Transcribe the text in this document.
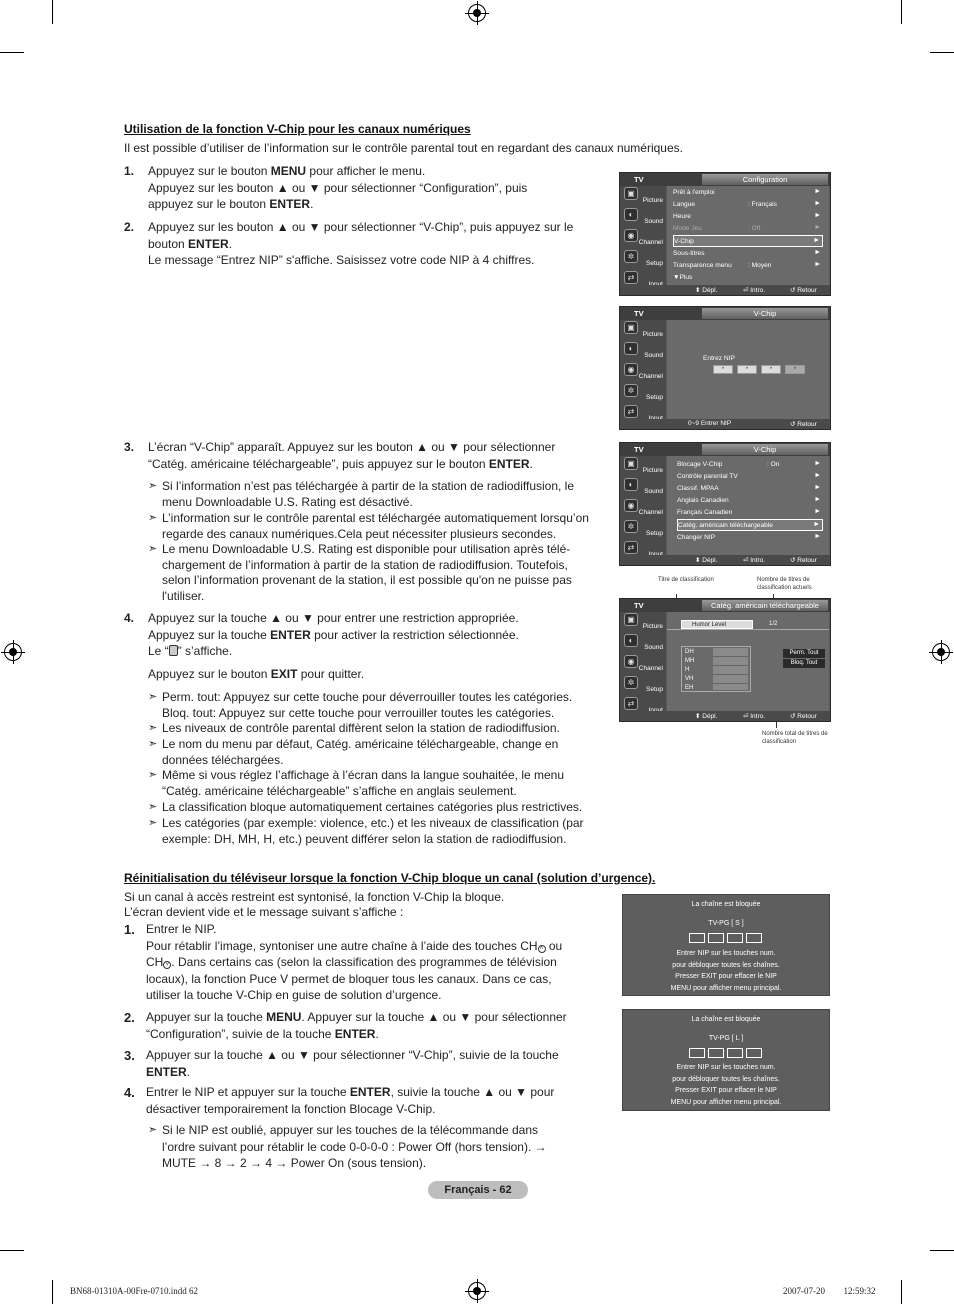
Utilisation de la fonction V-Chip pour les canaux numériques
Il est possible d’utiliser de l’information sur le contrôle parental tout en regardant des canaux numériques.
1. Appuyez sur le bouton MENU pour afficher le menu.
Appuyez sur les bouton ▲ ou ▼ pour sélectionner “Configuration”, puis
appuyez sur le bouton ENTER.
2. Appuyez sur les bouton ▲ ou ▼ pour sélectionner “V-Chip”, puis appuyez sur le
bouton ENTER.
Le message “Entrez NIP” s'affiche. Saisissez votre code NIP à 4 chiffres.
3. L’écran “V-Chip” apparaît. Appuyez sur les bouton ▲ ou ▼ pour sélectionner
“Catég. américaine téléchargeable”, puis appuyez sur le bouton ENTER.
➣ Si l’information n’est pas téléchargée à partir de la station de radiodiffusion, le menu Downloadable U.S. Rating est désactivé.
➣ L’information sur le contrôle parental est téléchargée automatiquement lorsqu’on regarde des canaux numériques.Cela peut nécessiter plusieurs secondes.
➣ Le menu Downloadable U.S. Rating est disponible pour utilisation après télé-chargement de l’information à partir de la station de radiodiffusion. Toutefois, selon l’information provenant de la station, il est possible qu'on ne puisse pas l'utiliser.
4. Appuyez sur la touche ▲ ou ▼ pour entrer une restriction appropriée.
Appuyez sur la touche ENTER pour activer la restriction sélectionnée.
Le “ ” s’affiche.
Appuyez sur le bouton EXIT pour quitter.
➣ Perm. tout: Appuyez sur cette touche pour déverrouiller toutes les catégories. Bloq. tout: Appuyez sur cette touche pour verrouiller toutes les catégories.
➣ Les niveaux de contrôle parental diffèrent selon la station de radiodiffusion.
➣ Le nom du menu par défaut, Catég. américaine téléchargeable, change en données téléchargées.
➣ Même si vous réglez l’affichage à l’écran dans la langue souhaitée, le menu “Catég. américaine téléchargeable” s’affiche en anglais seulement.
➣ La classification bloque automatiquement certaines catégories plus restrictives.
➣ Les catégories (par exemple: violence, etc.) et les niveaux de classification (par exemple: DH, MH, H, etc.) peuvent différer selon la station de radiodiffusion.
TV	Configuration
▣
Picture
◐
Sound
◉
Channel
✲
Setup
⇄
Prêt à l'emploi	►
Langue	: Français	►
Heure	►
Mode Jeu	: Off	►
V-Chip	►
Sous-titres	►
Transparence menu : Moyen	►
▼Plus
⬍ Dépl.	⏎ Intro.	↺ Retour
TV	V-Chip
▣
Picture
◐
Sound
◉
Channel
✲
Setup
⇄
Entrez NIP
*	*	*	*
0~9 Entrer NIP	↺ Retour
TV	V-Chip
▣
Picture
◐
Sound
◉
Channel
✲
Setup
⇄
Blocage V-Chip	: On	►
Contrôle parental TV	►
Classif. MPAA	►
Anglais Canadien	►
Français Canadien	►
Catég. américain téléchargeable	►
Changer NIP	►
⬍ Dépl.	⏎ Intro.	↺ Retour
Titre de classification	Nombre de titres de classification actuels
TV	Catég. américain téléchargeable
▣
Picture
◐
Sound
◉
Channel
✲
Setup
⇄
Humor Level	1/2
DH
MH
H
VH
EH
Perm. Tout
Bloq. Tout
⬍ Dépl.	⏎ Intro.	↺ Retour
Nombre total de titres de classification
Réinitialisation du téléviseur lorsque la fonction V-Chip bloque un canal (solution d’urgence).
Si un canal à accès restreint est syntonisé, la fonction V-Chip la bloque.
L’écran devient vide et le message suivant s’affiche :
1. Entrer le NIP.
Pour rétablir l’image, syntoniser une autre chaîne à l’aide des touches CH ˄ ou
CH ˅ . Dans certains cas (selon la classification des programmes de télévision
locaux), la fonction Puce V permet de bloquer tous les canaux. Dans ce cas,
utiliser la touche V-Chip en guise de solution d’urgence.
2. Appuyer sur la touche MENU. Appuyer sur la touche ▲ ou ▼ pour sélectionner
“Configuration”, suivie de la touche ENTER.
3. Appuyer sur la touche ▲ ou ▼ pour sélectionner “V-Chip”, suivie de la touche
ENTER.
4. Entrer le NIP et appuyer sur la touche ENTER, suivie la touche ▲ ou ▼ pour
désactiver temporairement la fonction Blocage V-Chip.
➣ Si le NIP est oublié, appuyer sur les touches de la télécommande dans
l’ordre suivant pour rétablir le code 0-0-0-0 : Power Off (hors tension). →
MUTE → 8 → 2 → 4 → Power On (sous tension).
La chaîne est bloquée
TV-PG [ S ]
Entrer NIP sur les touches num.
pour débloquer toutes les chaînes.
Presser EXIT pour effacer le NIP
MENU pour afficher menu principal.
La chaîne est bloquée
TV-PG [ L ]
Entrer NIP sur les touches num.
pour débloquer toutes les chaînes.
Presser EXIT pour effacer le NIP
MENU pour afficher menu principal.
Français - 62
BN68-01310A-00Fre-0710.indd 62	2007-07-20 􀀀􀀀 12:59:32
